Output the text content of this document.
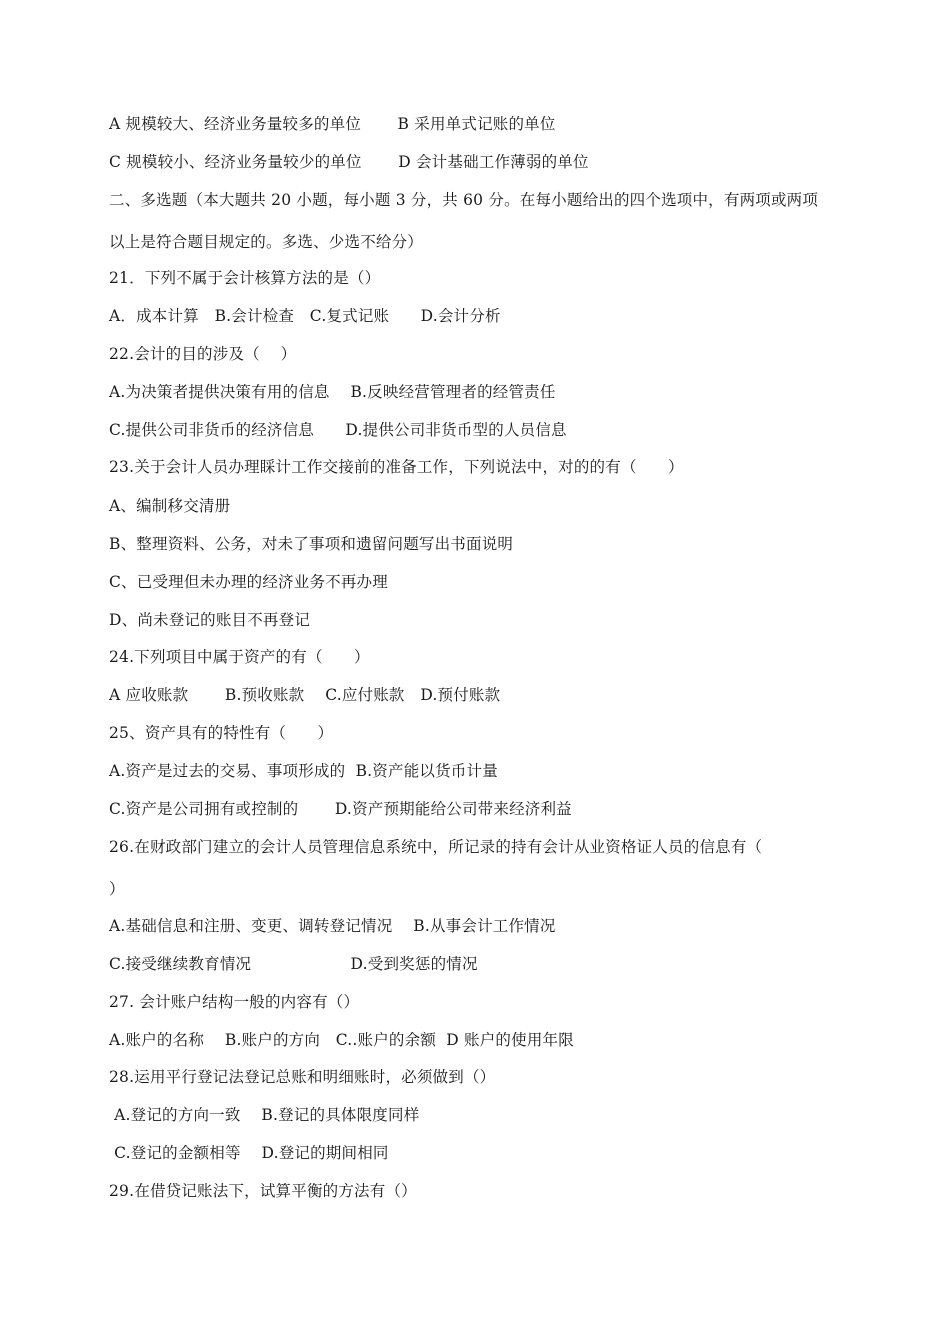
A 规模较大、经济业务量较多的单位　　 B 采用单式记账的单位
C 规模较小、经济业务量较少的单位　　 D 会计基础工作薄弱的单位
二、多选题（本大题共 20 小题，每小题 3 分，共 60 分。在每小题给出的四个选项中，有两项或两项
以上是符合题目规定的。多选、少选不给分）
21．下列不属于会计核算方法的是（）
A．成本计算　B.会计检查　C.复式记账　　D.会计分析
22.会计的目的涉及（　 ）
A.为决策者提供决策有用的信息　 B.反映经营管理者的经管责任
C.提供公司非货币的经济信息　　D.提供公司非货币型的人员信息
23.关于会计人员办理睬计工作交接前的准备工作，下列说法中，对的的有（　　）
A、编制移交清册
B、整理资料、公务，对未了事项和遗留问题写出书面说明
C、已受理但未办理的经济业务不再办理
D、尚未登记的账目不再登记
24.下列项目中属于资产的有（　　）
A 应收账款　　 B.预收账款　 C.应付账款　D.预付账款
25、资产具有的特性有（　　）
A.资产是过去的交易、事项形成的  B.资产能以货币计量
C.资产是公司拥有或控制的　　 D.资产预期能给公司带来经济利益
26.在财政部门建立的会计人员管理信息系统中，所记录的持有会计从业资格证人员的信息有（
）
A.基础信息和注册、变更、调转登记情况　 B.从事会计工作情况
C.接受继续教育情况　　　　　　 D.受到奖惩的情况
27. 会计账户结构一般的内容有（）
A.账户的名称　 B.账户的方向　C..账户的余额  D 账户的使用年限
28.运用平行登记法登记总账和明细账时，必须做到（）
A.登记的方向一致　 B.登记的具体限度同样
C.登记的金额相等　 D.登记的期间相同
29.在借贷记账法下，试算平衡的方法有（）
